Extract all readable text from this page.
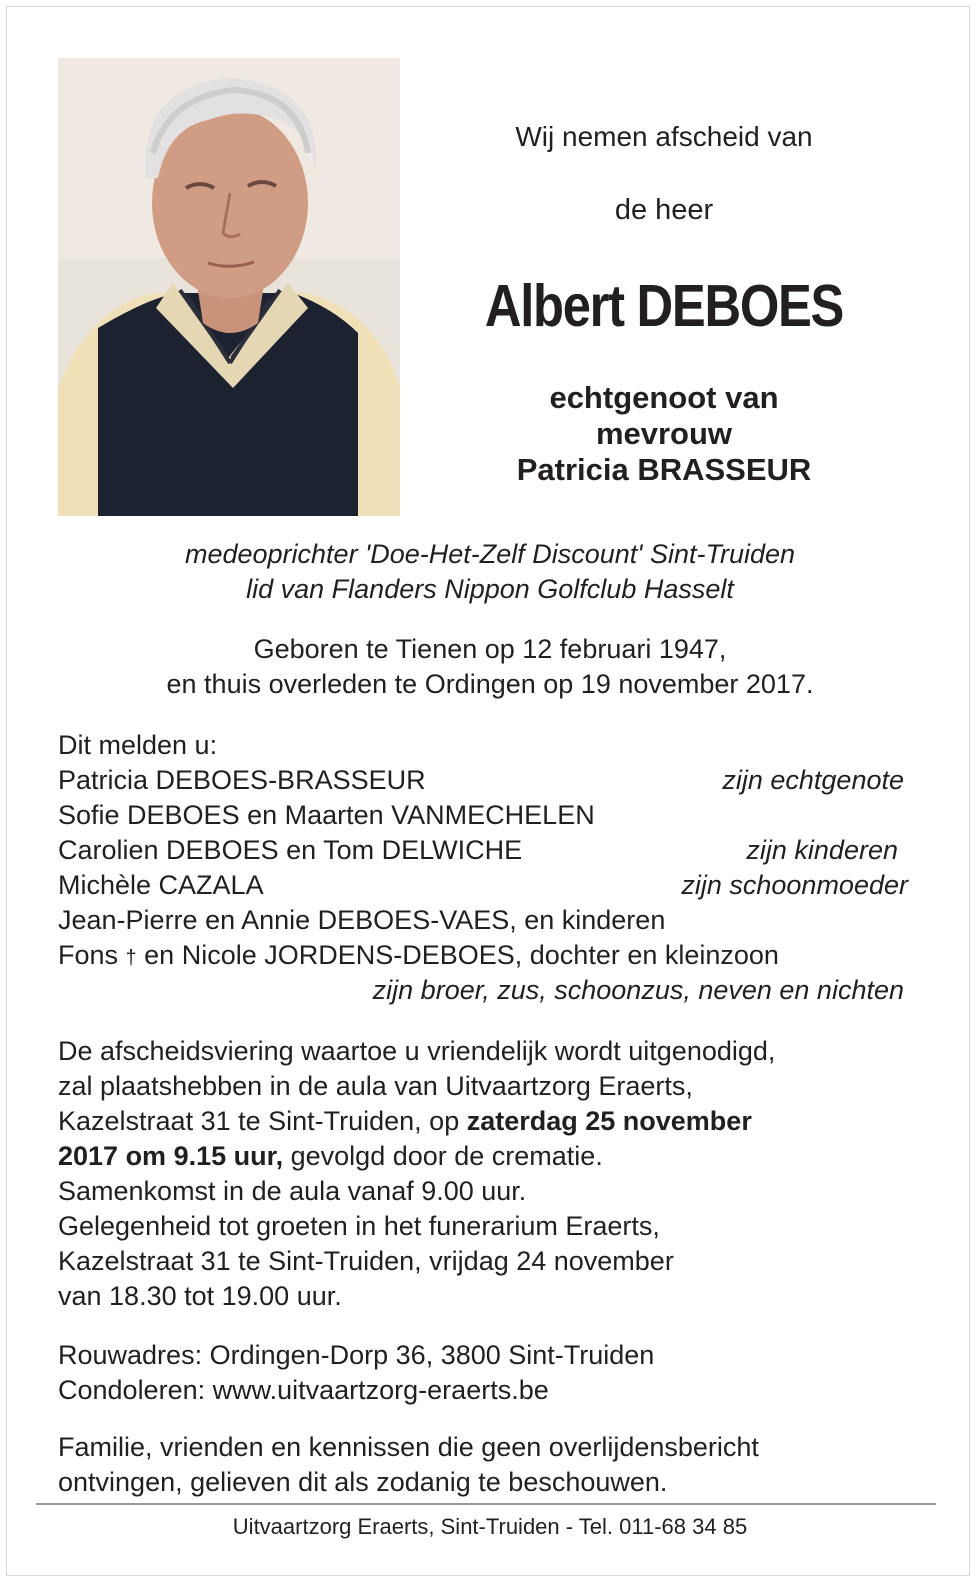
Wij nemen afscheid van
de heer
Albert DEBOES
echtgenoot van
mevrouw
Patricia BRASSEUR
medeoprichter 'Doe-Het-Zelf Discount' Sint-Truiden
lid van Flanders Nippon Golfclub Hasselt
Geboren te Tienen op 12 februari 1947,
en thuis overleden te Ordingen op 19 november 2017.
Dit melden u:
Patricia DEBOES-BRASSEUR	zijn echtgenote
Sofie DEBOES en Maarten VANMECHELEN
Carolien DEBOES en Tom DELWICHE	zijn kinderen
Michèle CAZALA	zijn schoonmoeder
Jean-Pierre en Annie DEBOES-VAES, en kinderen
Fons † en Nicole JORDENS-DEBOES, dochter en kleinzoon
zijn broer, zus, schoonzus, neven en nichten
De afscheidsviering waartoe u vriendelijk wordt uitgenodigd,
zal plaatshebben in de aula van Uitvaartzorg Eraerts,
Kazelstraat 31 te Sint-Truiden, op zaterdag 25 november
2017 om 9.15 uur, gevolgd door de crematie.
Samenkomst in de aula vanaf 9.00 uur.
Gelegenheid tot groeten in het funerarium Eraerts,
Kazelstraat 31 te Sint-Truiden, vrijdag 24 november
van 18.30 tot 19.00 uur.
Rouwadres: Ordingen-Dorp 36, 3800 Sint-Truiden
Condoleren: www.uitvaartzorg-eraerts.be
Familie, vrienden en kennissen die geen overlijdensbericht
ontvingen, gelieven dit als zodanig te beschouwen.
Uitvaartzorg Eraerts, Sint-Truiden - Tel. 011-68 34 85
